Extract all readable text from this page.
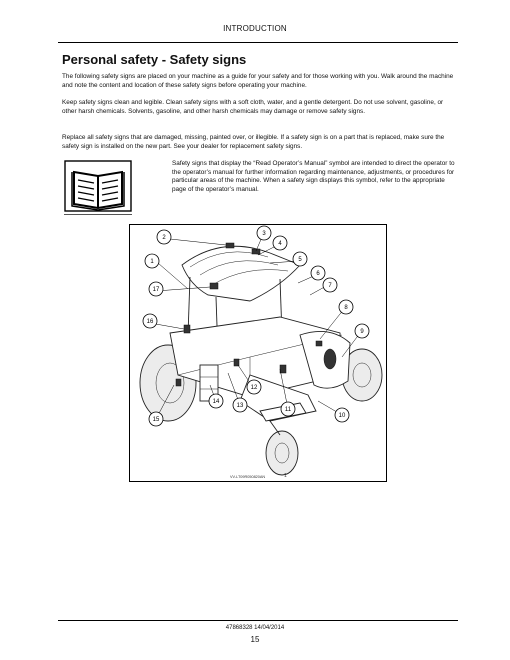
INTRODUCTION
Personal safety - Safety signs

The following safety signs are placed on your machine as a guide for your safety and for those working with you. Walk around the machine and note the content and location of these safety signs before operating your machine.

Keep safety signs clean and legible. Clean safety signs with a soft cloth, water, and a gentle detergent. Do not use solvent, gasoline, or other harsh chemicals. Solvents, gasoline, and other harsh chemicals may damage or remove safety signs.

Replace all safety signs that are damaged, missing, painted over, or illegible. If a safety sign is on a part that is replaced, make sure the safety sign is installed on the new part. See your dealer for replacement safety signs.

Safety signs that display the “Read Operator’s Manual” symbol are intended to direct the operator to the operator’s manual for further information regarding maintenance, adjustments, or procedures for particular areas of the machine. When a safety sign displays this symbol, refer to the appropriate page of the operator’s manual.

1
2
3
4
5
6
7
8
9
10
11
12
13
14
15
16
17
VV-LT09R050820AN	1
47868328 14/04/2014
15
